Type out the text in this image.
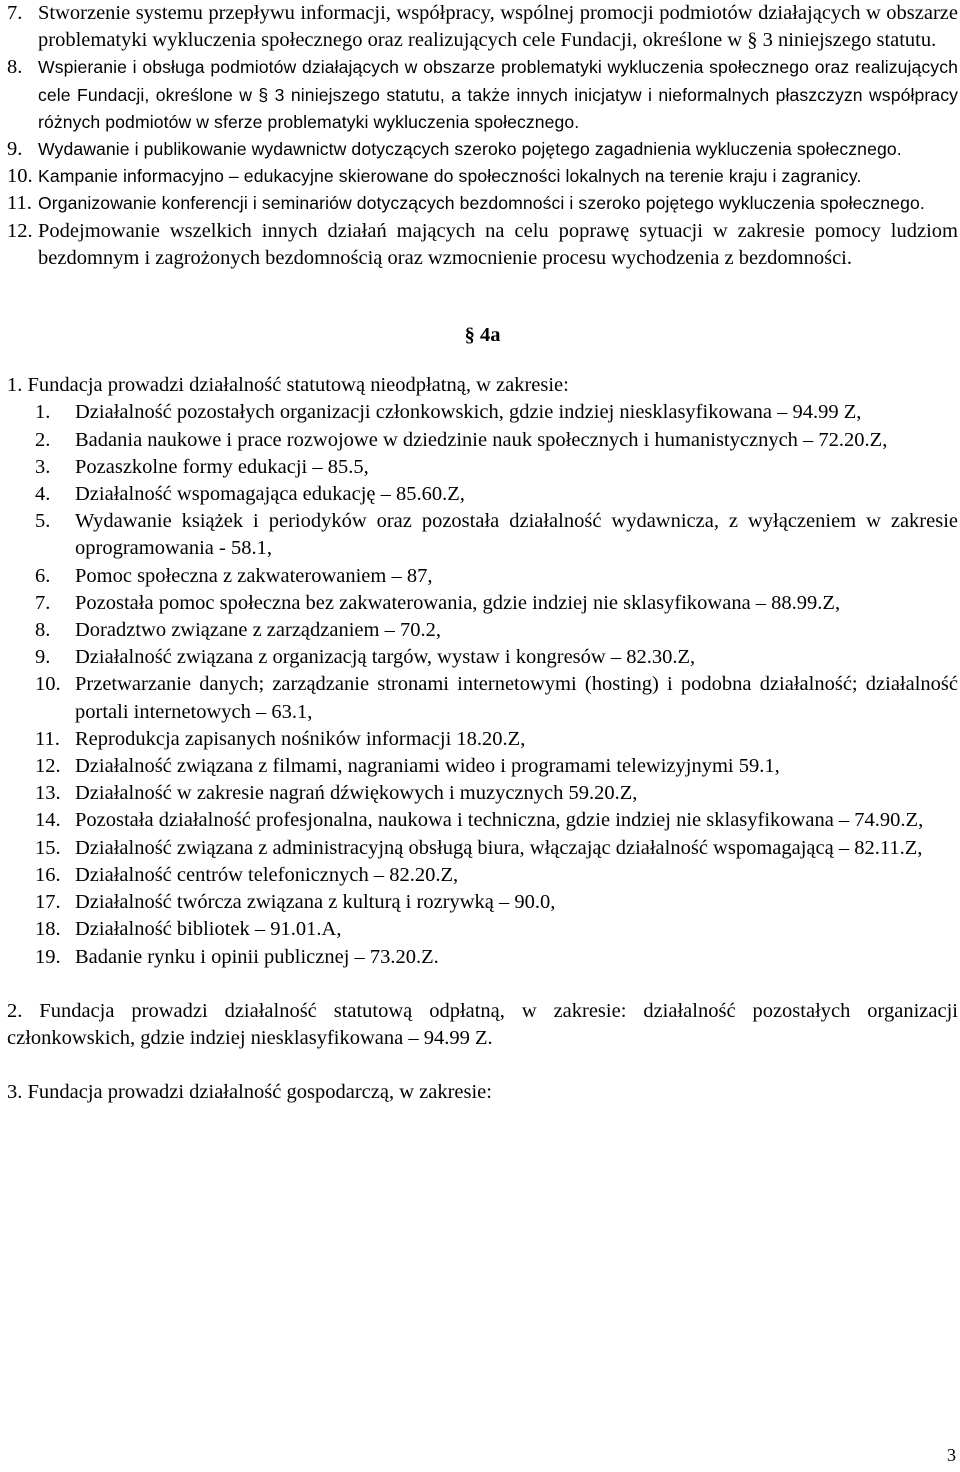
7. Stworzenie systemu przepływu informacji, współpracy, wspólnej promocji podmiotów działających w obszarze problematyki wykluczenia społecznego oraz realizujących cele Fundacji, określone w § 3 niniejszego statutu.
8. Wspieranie i obsługa podmiotów działających w obszarze problematyki wykluczenia społecznego oraz realizujących cele Fundacji, określone w § 3 niniejszego statutu, a także innych inicjatyw i nieformalnych płaszczyzn współpracy różnych podmiotów w sferze problematyki wykluczenia społecznego.
9. Wydawanie i publikowanie wydawnictw dotyczących szeroko pojętego zagadnienia wykluczenia społecznego.
10. Kampanie informacyjno – edukacyjne skierowane do społeczności lokalnych na terenie kraju i zagranicy.
11. Organizowanie konferencji i seminariów dotyczących bezdomności i szeroko pojętego wykluczenia społecznego.
12. Podejmowanie wszelkich innych działań mających na celu poprawę sytuacji w zakresie pomocy ludziom bezdomnym i zagrożonych bezdomnością oraz wzmocnienie procesu wychodzenia z bezdomności.

§ 4a

1. Fundacja prowadzi działalność statutową nieodpłatną, w zakresie:

1.	Działalność pozostałych organizacji członkowskich, gdzie indziej niesklasyfikowana – 94.99 Z,
2.	Badania naukowe i prace rozwojowe w dziedzinie nauk społecznych i humanistycznych – 72.20.Z,
3.	Pozaszkolne formy edukacji – 85.5,
4.	Działalność wspomagająca edukację – 85.60.Z,
5.	Wydawanie książek i periodyków oraz pozostała działalność wydawnicza, z wyłączeniem w zakresie oprogramowania - 58.1,
6.	Pomoc społeczna z zakwaterowaniem – 87,
7.	Pozostała pomoc społeczna bez zakwaterowania, gdzie indziej nie sklasyfikowana – 88.99.Z,
8.	Doradztwo związane z zarządzaniem – 70.2,
9.	Działalność związana z organizacją targów, wystaw i kongresów – 82.30.Z,
10. Przetwarzanie danych; zarządzanie stronami internetowymi (hosting) i podobna działalność; działalność portali internetowych – 63.1,
11. Reprodukcja zapisanych nośników informacji 18.20.Z,
12. Działalność związana z filmami, nagraniami wideo i programami telewizyjnymi 59.1,
13. Działalność w zakresie nagrań dźwiękowych i muzycznych 59.20.Z,
14. Pozostała działalność profesjonalna, naukowa i techniczna, gdzie indziej nie sklasyfikowana – 74.90.Z,
15. Działalność związana z administracyjną obsługą biura, włączając działalność wspomagającą – 82.11.Z,
16. Działalność centrów telefonicznych – 82.20.Z,
17. Działalność twórcza związana z kulturą i rozrywką – 90.0,
18. Działalność bibliotek – 91.01.A,
19. Badanie rynku i opinii publicznej – 73.20.Z.

2. Fundacja prowadzi działalność statutową odpłatną, w zakresie: działalność pozostałych organizacji członkowskich, gdzie indziej niesklasyfikowana – 94.99 Z.

3. Fundacja prowadzi działalność gospodarczą, w zakresie:

3
